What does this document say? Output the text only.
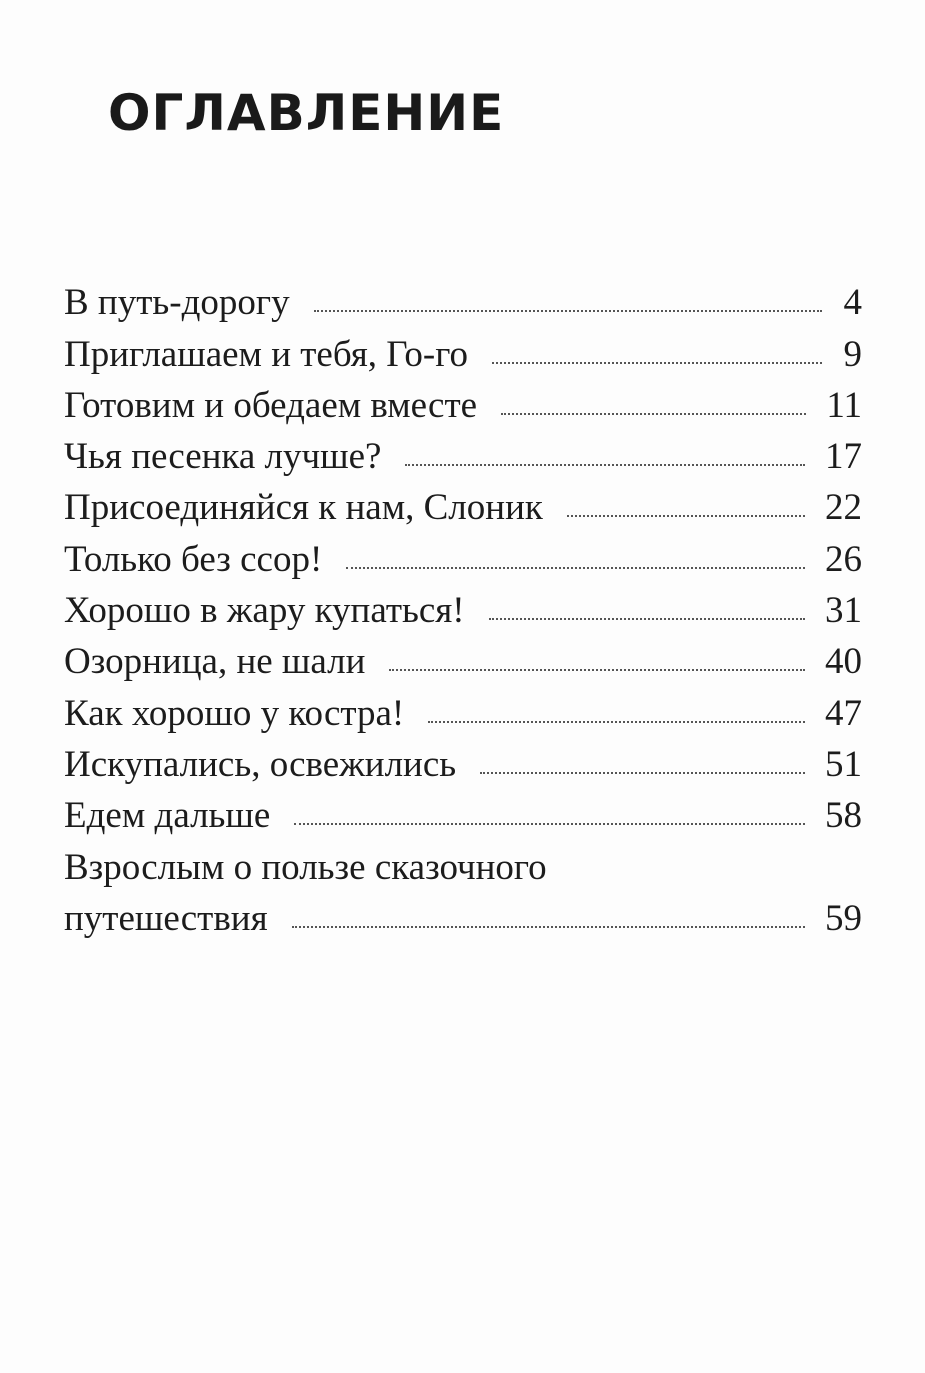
ОГЛАВЛЕНИЕ
В путь-дорогу	4
Приглашаем и тебя, Го-го	9
Готовим и обедаем вместе	11
Чья песенка лучше?	17
Присоединяйся к нам, Слоник	22
Только без ссор!	26
Хорошо в жару купаться!	31
Озорница, не шали	40
Как хорошо у костра!	47
Искупались, освежились	51
Едем дальше	58
Взрослым о пользе сказочного
путешествия	59
